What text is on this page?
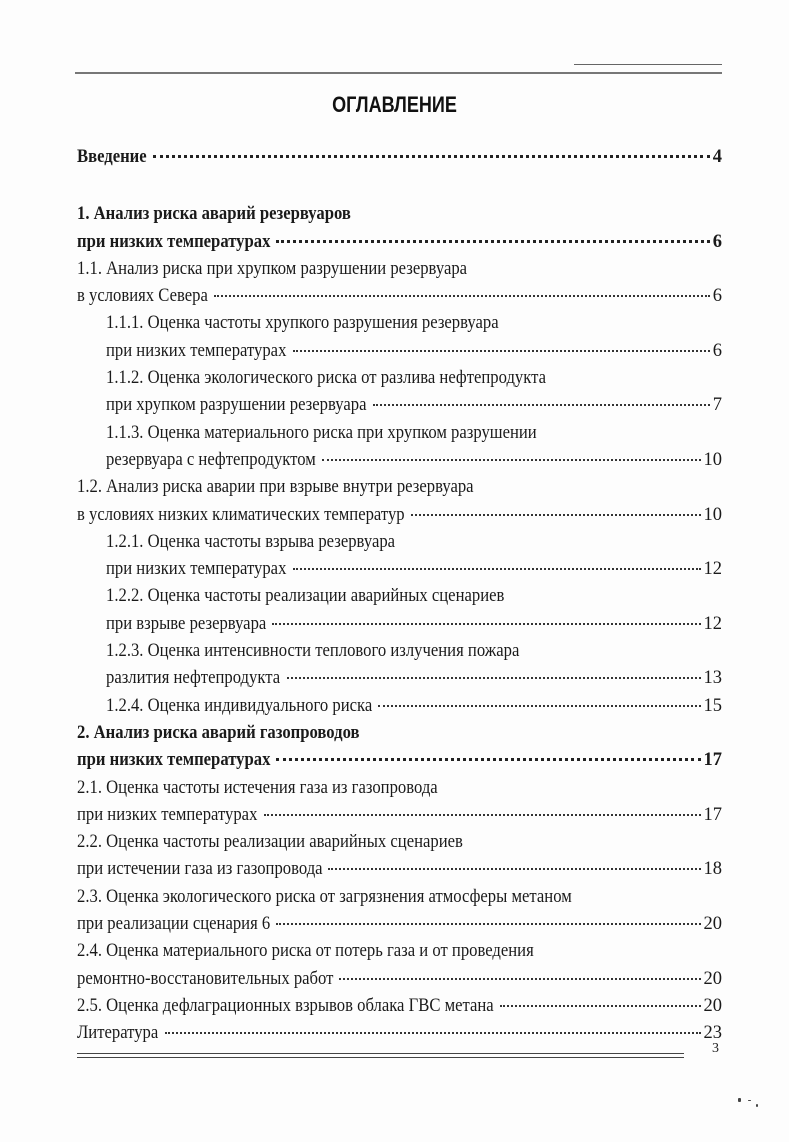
ОГЛАВЛЕНИЕ
Введение	4
1. Анализ риска аварий резервуаров
при низких температурах	6
1.1. Анализ риска при хрупком разрушении резервуара
в условиях Севера	6
1.1.1. Оценка частоты хрупкого разрушения резервуара
при низких температурах	6
1.1.2. Оценка экологического риска от разлива нефтепродукта
при хрупком разрушении резервуара	7
1.1.3. Оценка материального риска при хрупком разрушении
резервуара с нефтепродуктом	10
1.2. Анализ риска аварии при взрыве внутри резервуара
в условиях низких климатических температур	10
1.2.1. Оценка частоты взрыва резервуара
при низких температурах	12
1.2.2. Оценка частоты реализации аварийных сценариев
при взрыве резервуара	12
1.2.3. Оценка интенсивности теплового излучения пожара
разлития нефтепродукта	13
1.2.4. Оценка индивидуального риска	15
2. Анализ риска аварий газопроводов
при низких температурах	17
2.1. Оценка частоты истечения газа из газопровода
при низких температурах	17
2.2. Оценка частоты реализации аварийных сценариев
при истечении газа из газопровода	18
2.3. Оценка экологического риска от загрязнения атмосферы метаном
при реализации сценария 6	20
2.4. Оценка материального риска от потерь газа и от проведения
ремонтно-восстановительных работ	20
2.5. Оценка дефлаграционных взрывов облака ГВС метана	20
Литература	23
3
